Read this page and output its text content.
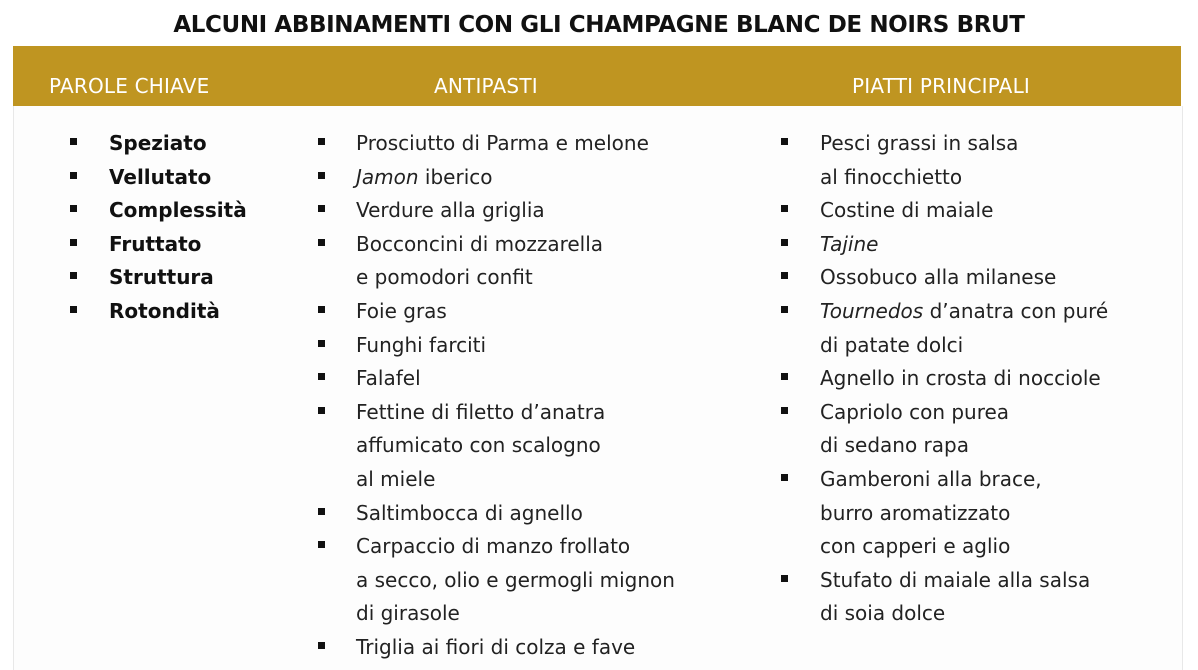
ALCUNI ABBINAMENTI CON GLI CHAMPAGNE BLANC DE NOIRS BRUT
PAROLE CHIAVE	ANTIPASTI	PIATTI PRINCIPALI
Speziato
Vellutato
Complessità
Fruttato
Struttura
Rotondità
Prosciutto di Parma e melone
Jamon iberico
Verdure alla griglia
Bocconcini di mozzarella
e pomodori confit
Foie gras
Funghi farciti
Falafel
Fettine di filetto d’anatra
affumicato con scalogno
al miele
Saltimbocca di agnello
Carpaccio di manzo frollato
a secco, olio e germogli mignon
di girasole
Triglia ai fiori di colza e fave
Pesci grassi in salsa
al finocchietto
Costine di maiale
Tajine
Ossobuco alla milanese
Tournedos d’anatra con puré
di patate dolci
Agnello in crosta di nocciole
Capriolo con purea
di sedano rapa
Gamberoni alla brace,
burro aromatizzato
con capperi e aglio
Stufato di maiale alla salsa
di soia dolce
